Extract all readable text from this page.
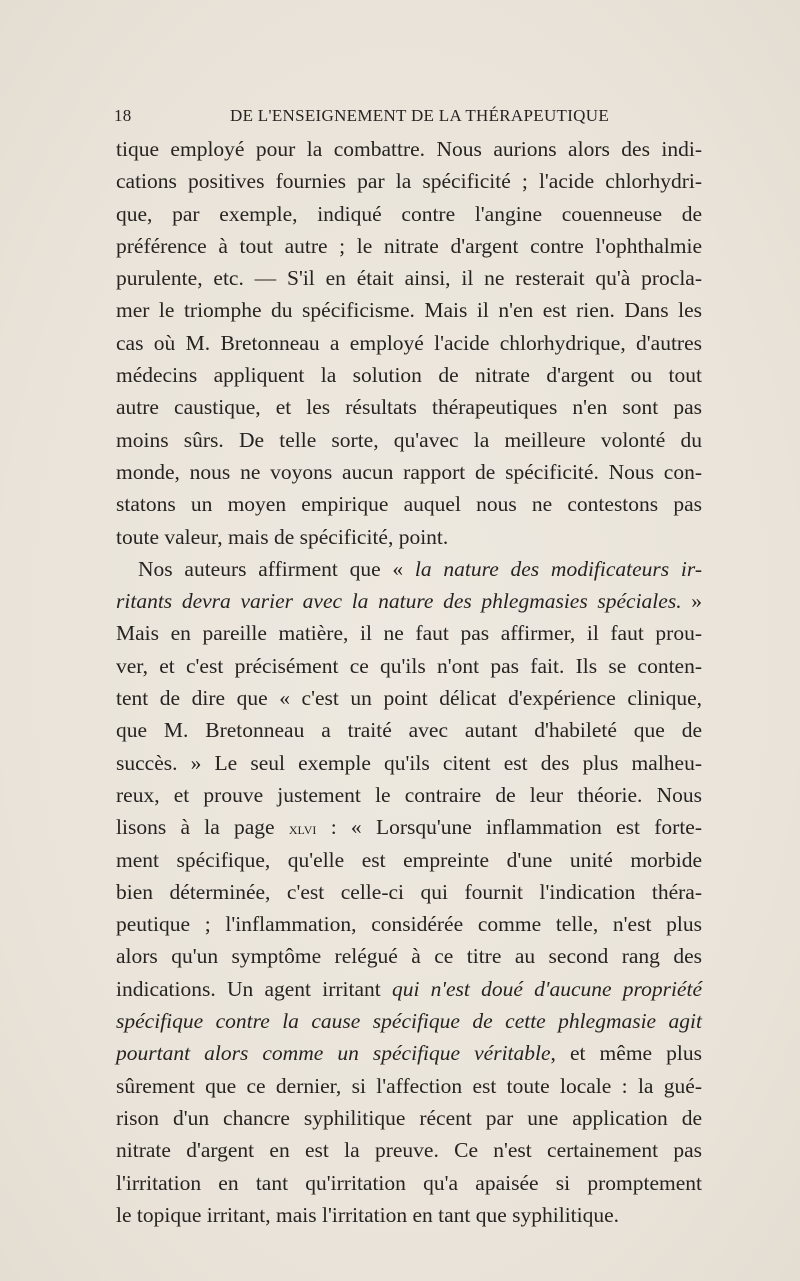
18	DE L'ENSEIGNEMENT DE LA THÉRAPEUTIQUE
tique employé pour la combattre. Nous aurions alors des indi-
cations positives fournies par la spécificité ; l'acide chlorhydri-
que, par exemple, indiqué contre l'angine couenneuse de
préférence à tout autre ; le nitrate d'argent contre l'ophthalmie
purulente, etc. — S'il en était ainsi, il ne resterait qu'à procla-
mer le triomphe du spécificisme. Mais il n'en est rien. Dans les
cas où M. Bretonneau a employé l'acide chlorhydrique, d'autres
médecins appliquent la solution de nitrate d'argent ou tout
autre caustique, et les résultats thérapeutiques n'en sont pas
moins sûrs. De telle sorte, qu'avec la meilleure volonté du
monde, nous ne voyons aucun rapport de spécificité. Nous con-
statons un moyen empirique auquel nous ne contestons pas
toute valeur, mais de spécificité, point.
Nos auteurs affirment que « la nature des modificateurs ir-
ritants devra varier avec la nature des phlegmasies spéciales. »
Mais en pareille matière, il ne faut pas affirmer, il faut prou-
ver, et c'est précisément ce qu'ils n'ont pas fait. Ils se conten-
tent de dire que « c'est un point délicat d'expérience clinique,
que M. Bretonneau a traité avec autant d'habileté que de
succès. » Le seul exemple qu'ils citent est des plus malheu-
reux, et prouve justement le contraire de leur théorie. Nous
lisons à la page xlvi : « Lorsqu'une inflammation est forte-
ment spécifique, qu'elle est empreinte d'une unité morbide
bien déterminée, c'est celle-ci qui fournit l'indication théra-
peutique ; l'inflammation, considérée comme telle, n'est plus
alors qu'un symptôme relégué à ce titre au second rang des
indications. Un agent irritant qui n'est doué d'aucune propriété
spécifique contre la cause spécifique de cette phlegmasie agit
pourtant alors comme un spécifique véritable, et même plus
sûrement que ce dernier, si l'affection est toute locale : la gué-
rison d'un chancre syphilitique récent par une application de
nitrate d'argent en est la preuve. Ce n'est certainement pas
l'irritation en tant qu'irritation qu'a apaisée si promptement
le topique irritant, mais l'irritation en tant que syphilitique.
